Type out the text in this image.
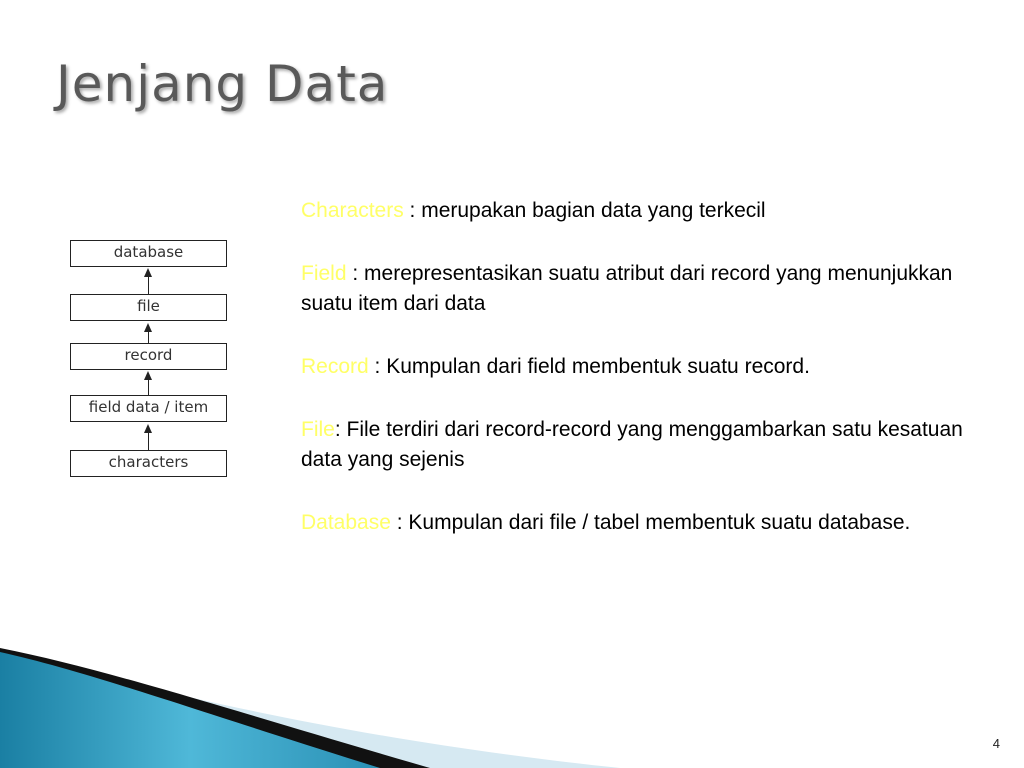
Jenjang Data
database
file
record
field data / item
characters

Characters : merupakan bagian data yang terkecil

Field : merepresentasikan suatu atribut dari record yang menunjukkan suatu item dari data

Record : Kumpulan dari field membentuk suatu record.

File: File terdiri dari record-record yang menggambarkan satu kesatuan data yang sejenis

Database : Kumpulan dari file / tabel membentuk suatu database.

4
